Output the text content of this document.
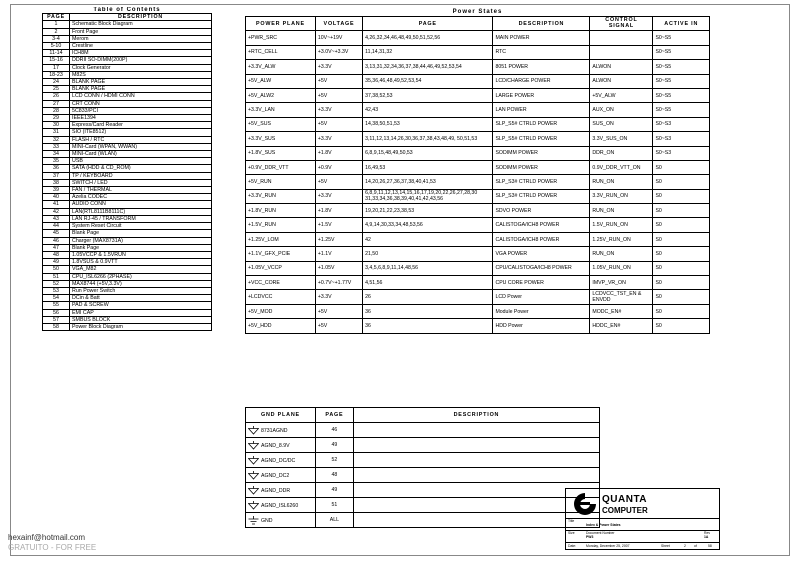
Table of Contents	
PAGE	DESCRIPTION
1	Schematic Block Diagram
2	Front Page
3-4	Merom
5-10	Crestline
11-14	ICH8M
15-16	DDRII SO-DIMM(200P)
17	Clock Generator
18-23	M82S
24	BLANK PAGE
25	BLANK PAGE
26	LCD CONN / HDMI CONN
27	CRT CONN
28	5C833/PCI
29	IEEE1394
30	Express/Card Reader
31	SIO (ITE8512)
32	FLASH / RTC
33	MINI-Card (WPAN, WWAN)
34	MINI-Card (WLAN)
35	USB
36	SATA (HDD & CD_ROM)
37	TP / KEYBOARD
38	SWITCH / LED
39	FAN / THERMAL
40	Azelia CODEC
41	AUDIO CONN
42	LAN(RTL8111B8111C)
43	LAN RJ-45 / TRANSFORM
44	System Reset Circuit
45	Blank Page
46	Charger (MAX8731A)
47	Blank Page
48	1.05VCCP & 1.5VRUN
49	1.8VSUS & 0.9VTT
50	VGA_M82
51	CPU_ISL6266 (2PHASE)
52	MAX8744 (+5V,3.3V)
53	Run Power Switch
54	DCin & Batt
55	PAD & SCREW
56	EMI CAP
57	SMBUS BLOCK
58	Power Block Diagram
Power States					
POWER PLANE	VOLTAGE	PAGE	DESCRIPTION	CONTROL SIGNAL	ACTIVE IN
+PWR_SRC	10V~+19V	4,26,32,34,46,48,49,50,51,52,56	MAIN POWER		S0~S5
+RTC_CELL	+3.0V~+3.3V	11,14,31,32	RTC		S0~S5
+3.3V_ALW	+3.3V	3,13,31,32,34,36,37,38,44,46,49,52,53,54	8051 POWER	ALWON	S0~S5
+5V_ALW	+5V	35,36,46,48,49,52,53,54	LCD/CHARGE POWER	ALWON	S0~S5
+5V_ALW2	+5V	37,38,52,53	LARGE POWER	+5V_ALW	S0~S5
+3.3V_LAN	+3.3V	42,43	LAN POWER	AUX_ON	S0~S5
+5V_SUS	+5V	14,38,50,51,53	SLP_S5# CTRLD POWER	SUS_ON	S0~S3
+3.3V_SUS	+3.3V	3,11,12,13,14,26,30,36,37,38,43,48,49, 50,51,53	SLP_S5# CTRLD POWER	3.3V_SUS_ON	S0~S3
+1.8V_SUS	+1.8V	6,8,9,15,48,49,50,53	SODIMM POWER	DDR_ON	S0~S3
+0.9V_DDR_VTT	+0.9V	16,49,53	SODIMM POWER	0.9V_DDR_VTT_ON	S0
+5V_RUN	+5V	14,20,26,27,36,37,38,40,41,53	SLP_S3# CTRLD POWER	RUN_ON	S0
+3.3V_RUN	+3.3V	6,8,9,11,12,13,14,15,16,17,19,20,22,26,27,28,30 31,33,34,36,38,39,40,41,42,43,56	SLP_S3# CTRLD POWER	3.3V_RUN_ON	S0
+1.8V_RUN	+1.8V	19,20,21,22,23,38,53	SDVO POWER	RUN_ON	S0
+1.5V_RUN	+1.5V	4,9,14,30,33,34,48,53,56	CALISTOGA/ICH8 POWER	1.5V_RUN_ON	S0
+1.25V_LOM	+1.25V	42	CALISTOGA/ICH8 POWER	1.25V_RUN_ON	S0
+1.1V_GFX_PCIE	+1.1V	21,50	VGA POWER	RUN_ON	S0
+1.05V_VCCP	+1.05V	3,4,5,6,8,9,11,14,48,56	CPU/CALISTOGA/ICH8 POWER	1.05V_RUN_ON	S0
+VCC_CORE	+0.7V~+1.77V	4,51,56	CPU CORE POWER	IMVP_VR_ON	S0
+LCDVCC	+3.3V	26	LCD Power	LCDVCC_TST_EN & ENVDD	S0
+5V_MOD	+5V	36	Module Power	MODC_EN#	S0
+5V_HDD	+5V	36	HDD Power	HDDC_EN#	S0
GND PLANE	PAGE	DESCRIPTION
8731AGND	46	
AGND_8.9V	49	
AGND_DC/DC	52	
AGND_DC2	48	
AGND_DDR	49	
AGND_ISL6260	51	
GND	ALL	
QUANTA
COMPUTER
Title
Index & Power States
Size	Document Number
PW3
Rev
1A
Date:	Monday, December 25, 2007	Sheet	2 of	58
hexainf@hotmail.com
GRATUITO - FOR FREE
